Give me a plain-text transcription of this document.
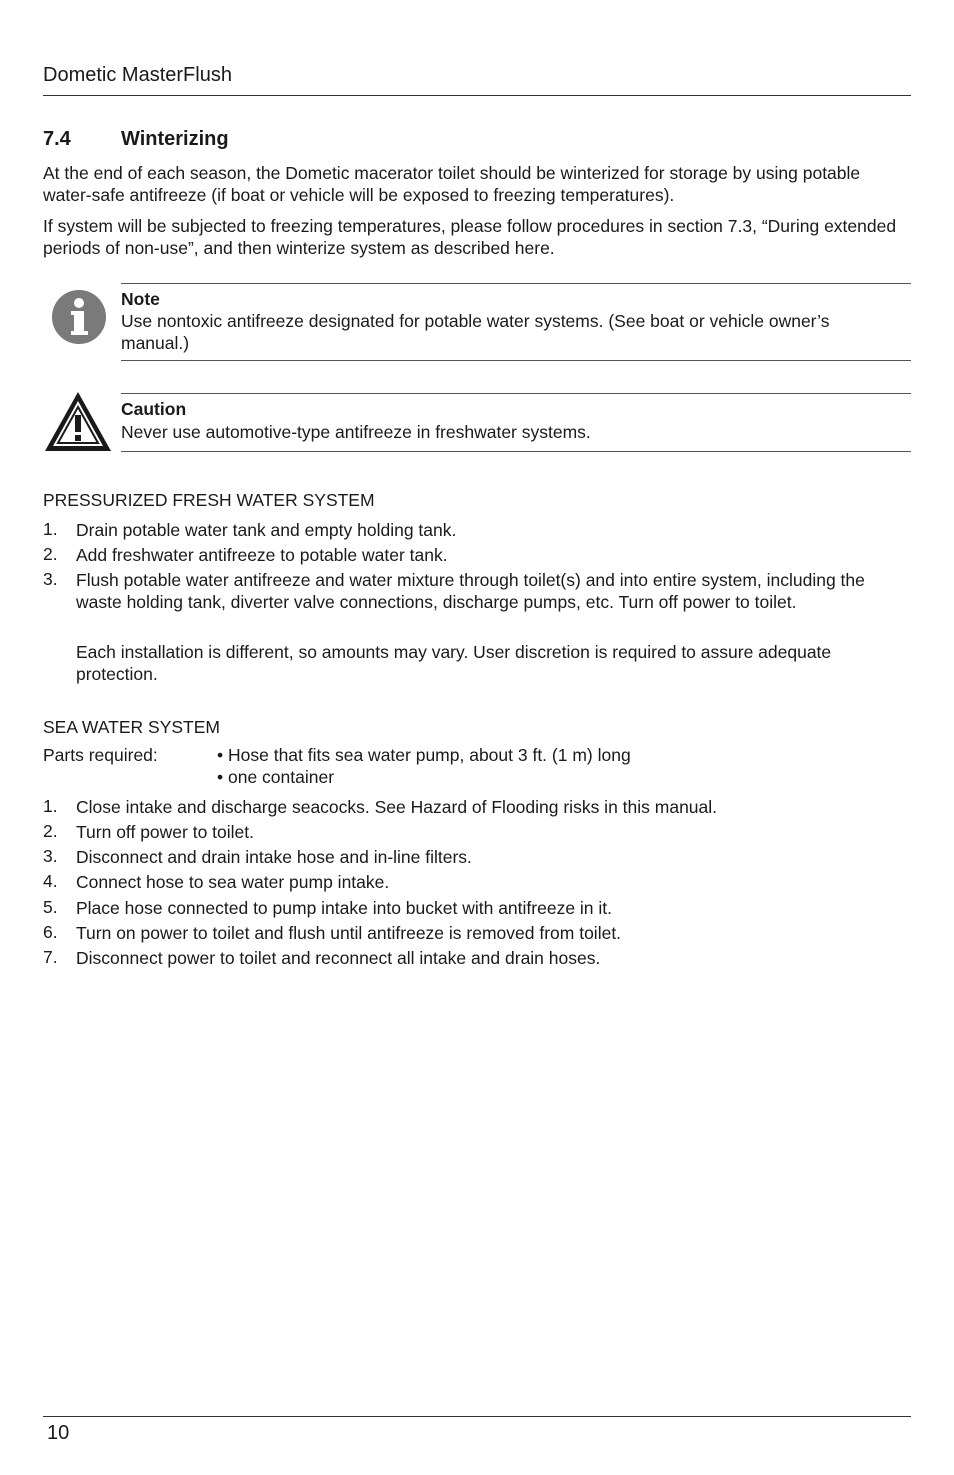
Dometic MasterFlush
7.4	Winterizing
At the end of each season, the Dometic macerator toilet should be winterized for storage by using potable water-safe antifreeze (if boat or vehicle will be exposed to freezing temperatures).
If system will be subjected to freezing temperatures, please follow procedures in section 7.3, “During extended periods of non-use”, and then winterize system as described here.
Note
Use nontoxic antifreeze designated for potable water systems. (See boat or vehicle owner’s manual.)
Caution
Never use automotive-type antifreeze in freshwater systems.
PRESSURIZED FRESH WATER SYSTEM
1. Drain potable water tank and empty holding tank.
2. Add freshwater antifreeze to potable water tank.
3. Flush potable water antifreeze and water mixture through toilet(s) and into entire system, including the waste holding tank, diverter valve connections, discharge pumps, etc. Turn off power to toilet.
Each installation is different, so amounts may vary. User discretion is required to assure adequate protection.
SEA WATER SYSTEM
Parts required:	• Hose that fits sea water pump, about 3 ft. (1 m) long
• one container
1. Close intake and discharge seacocks. See Hazard of Flooding risks in this manual.
2. Turn off power to toilet.
3. Disconnect and drain intake hose and in-line filters.
4. Connect hose to sea water pump intake.
5. Place hose connected to pump intake into bucket with antifreeze in it.
6. Turn on power to toilet and flush until antifreeze is removed from toilet.
7. Disconnect power to toilet and reconnect all intake and drain hoses.
10
